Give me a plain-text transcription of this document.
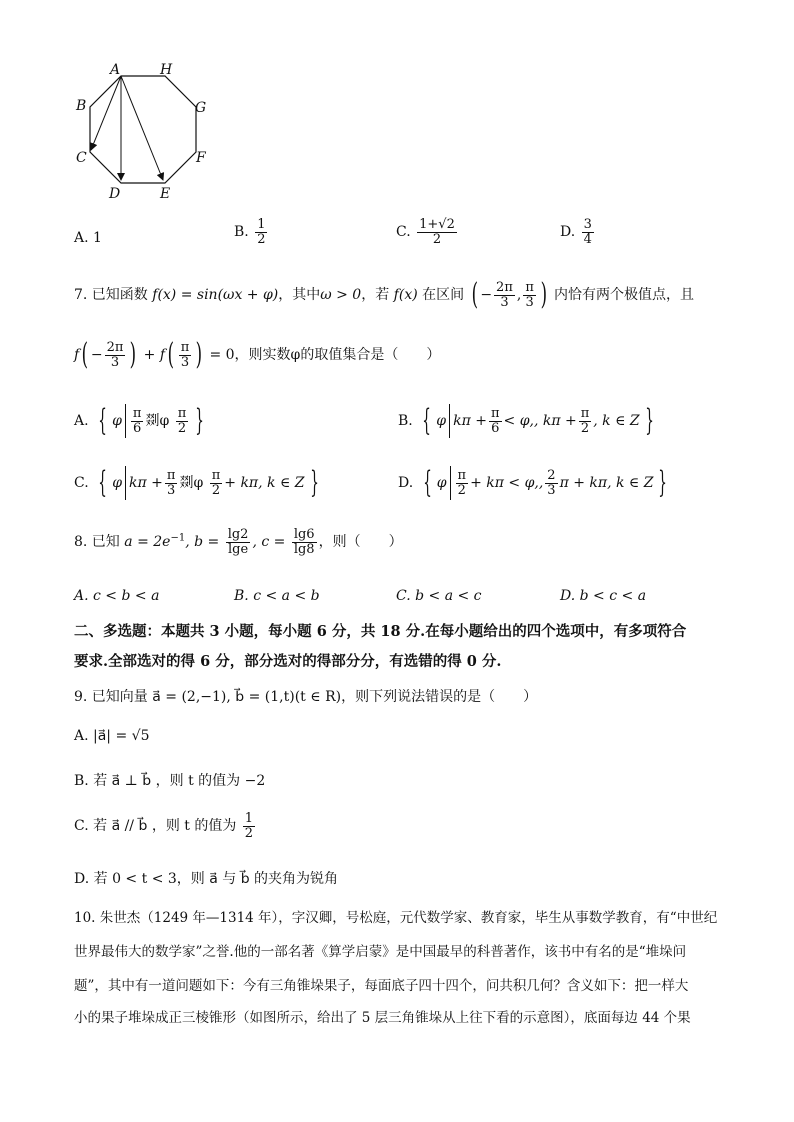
A	H
B	G
C	F
D	E
A. 1	B. $\frac{1}{2}$	C. $\frac{1+√2}{2}$	D. $\frac{3}{4}$
7. 已知函数 f(x) = sin(ωx + φ)，其中ω > 0，若 f(x) 在区间 ( − $\frac{2\pi}{3}$ , $\frac{\pi}{3}$ ) 内恰有两个极值点，且
$f( - \frac{2\pi}{3}$ ) + $f( \frac{\pi}{3}$ ) = 0，则实数φ的取值集合是（　　）
A. { φ $\frac{\pi}{6}$ 剟φ $\frac{\pi}{2}$ }	B. { φ $k\pi + \frac{\pi}{6} < \varphi$,, $k\pi + \frac{\pi}{2}$ , k ∈ Z }
C. { φ $k\pi + \frac{\pi}{3}$ 剟φ $\frac{\pi}{2} + k\pi$, k ∈ Z }	D. { φ $\frac{\pi}{2} + k\pi < \varphi$,, $\frac{2}{3}$ π + kπ, k ∈ Z }
8. 已知 $a = 2e^{-1}$, $b = \frac{\lg 2}{\lg e}$ , $c = \frac{\lg 6}{\lg 8}$ ，则（　　）
A. c < b < a	B. c < a < b	C. b < a < c	D. b < c < a
二、多选题：本题共 3 小题，每小题 6 分，共 18 分.在每小题给出的四个选项中，有多项符合
要求.全部选对的得 6 分，部分选对的得部分分，有选错的得 0 分.
9. 已知向量 a⃗ = (2,−1), b⃗ = (1,t)(t ∈ R)，则下列说法错误的是（　　）
A. |a⃗| = √5
B. 若 a⃗ ⊥ b⃗ ，则 t 的值为 −2
C. 若 a⃗ // b⃗ ，则 t 的值为 $\frac{1}{2}$
D. 若 0 < t < 3，则 a⃗ 与 b⃗ 的夹角为锐角
10. 朱世杰（1249 年—1314 年），字汉卿，号松庭，元代数学家、教育家，毕生从事数学教育，有“中世纪
世界最伟大的数学家”之誉.他的一部名著《算学启蒙》是中国最早的科普著作，该书中有名的是“堆垛问
题”，其中有一道问题如下：今有三角锥垛果子，每面底子四十四个，问共积几何？含义如下：把一样大
小的果子堆垛成正三棱锥形（如图所示，给出了 5 层三角锥垛从上往下看的示意图），底面每边 44 个果
